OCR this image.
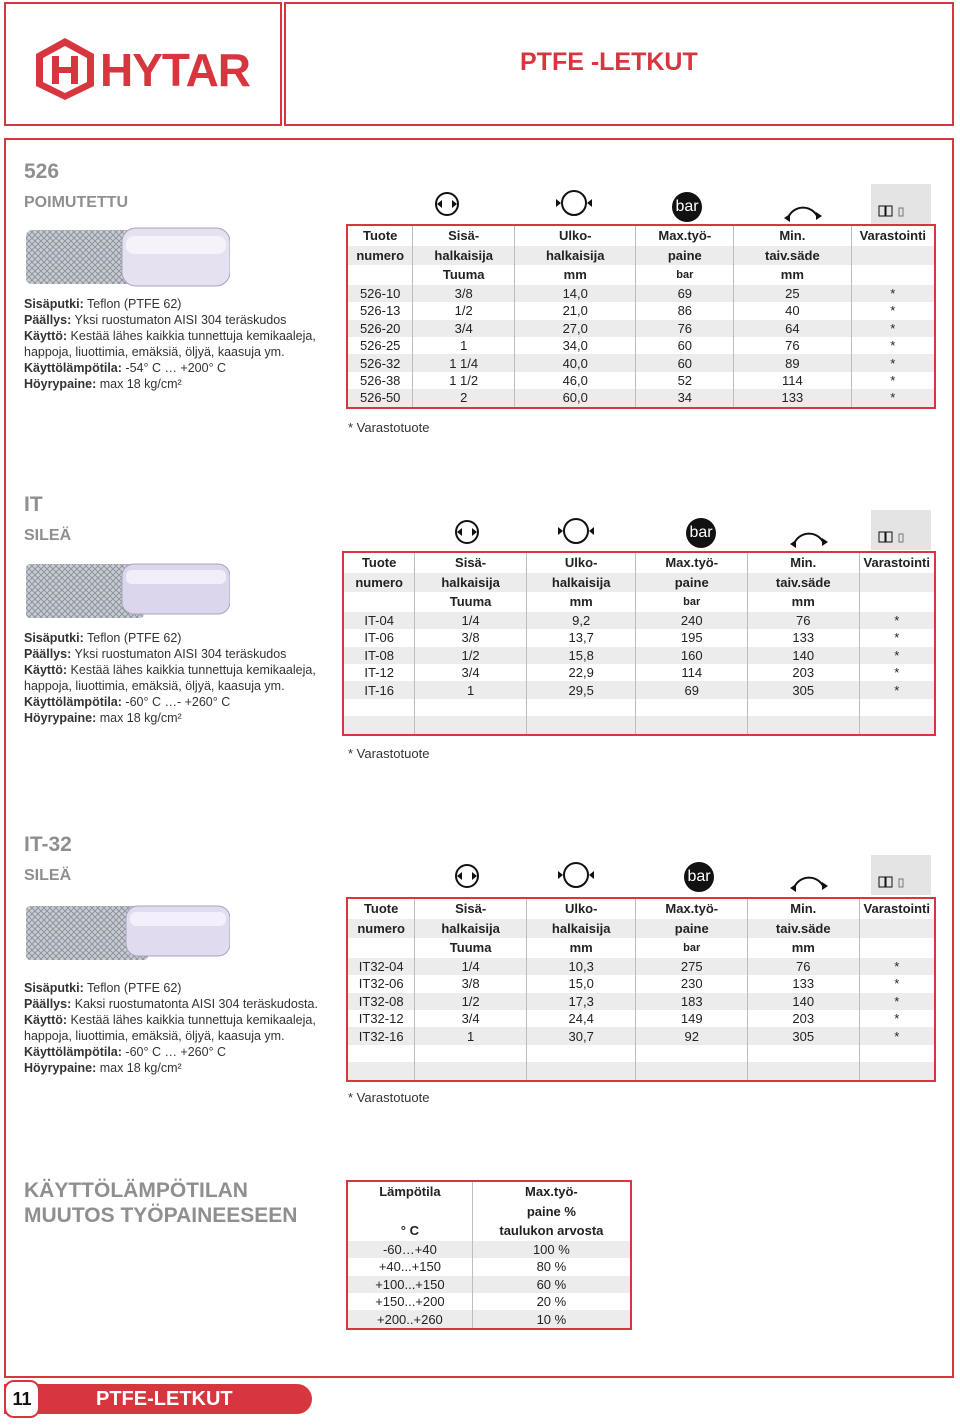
HYTAR	PTFE -LETKUT
526
POIMUTETTU
Sisäputki: Teflon (PTFE 62)
Päällys: Yksi ruostumaton AISI 304 teräskudos
Käyttö: Kestää lähes kaikkia tunnettuja kemikaaleja,
happoja, liuottimia, emäksiä, öljyä, kaasuja ym.
Käyttölämpötila: -54° C … +200° C
Höyrypaine: max 18 kg/cm²
bar
Tuote	Sisä-	Ulko-	Max.työ-	Min.	Varastointi
numero	halkaisija	halkaisija	paine	taiv.säde	
	Tuuma	mm	bar	mm	
526-10	3/8	14,0	69	25	*
526-13	1/2	21,0	86	40	*
526-20	3/4	27,0	76	64	*
526-25	1	34,0	60	76	*
526-32	1 1/4	40,0	60	89	*
526-38	1 1/2	46,0	52	114	*
526-50	2	60,0	34	133	*
* Varastotuote
IT
SILEÄ
Sisäputki: Teflon (PTFE 62)
Päällys: Yksi ruostumaton AISI 304 teräskudos
Käyttö: Kestää lähes kaikkia tunnettuja kemikaaleja,
happoja, liuottimia, emäksiä, öljyä, kaasuja ym.
Käyttölämpötila: -60° C …- +260° C
Höyrypaine: max 18 kg/cm²
bar
Tuote	Sisä-	Ulko-	Max.työ-	Min.	Varastointi
numero	halkaisija	halkaisija	paine	taiv.säde	
	Tuuma	mm	bar	mm	
IT-04	1/4	9,2	240	76	*
IT-06	3/8	13,7	195	133	*
IT-08	1/2	15,8	160	140	*
IT-12	3/4	22,9	114	203	*
IT-16	1	29,5	69	305	*

* Varastotuote
IT-32
SILEÄ
Sisäputki: Teflon (PTFE 62)
Päällys: Kaksi ruostumatonta AISI 304 teräskudosta.
Käyttö: Kestää lähes kaikkia tunnettuja kemikaaleja,
happoja, liuottimia, emäksiä, öljyä, kaasuja ym.
Käyttölämpötila: -60° C … +260° C
Höyrypaine: max 18 kg/cm²
bar
Tuote	Sisä-	Ulko-	Max.työ-	Min.	Varastointi
numero	halkaisija	halkaisija	paine	taiv.säde	
	Tuuma	mm	bar	mm	
IT32-04	1/4	10,3	275	76	*
IT32-06	3/8	15,0	230	133	*
IT32-08	1/2	17,3	183	140	*
IT32-12	3/4	24,4	149	203	*
IT32-16	1	30,7	92	305	*

* Varastotuote
KÄYTTÖLÄMPÖTILAN
MUUTOS TYÖPAINEESEEN
Lämpötila	Max.työ-
	paine %
° C	taulukon arvosta
-60…+40	100 %
+40...+150	80 %
+100...+150	60 %
+150...+200	20 %
+200..+260	10 %
11	PTFE-LETKUT
